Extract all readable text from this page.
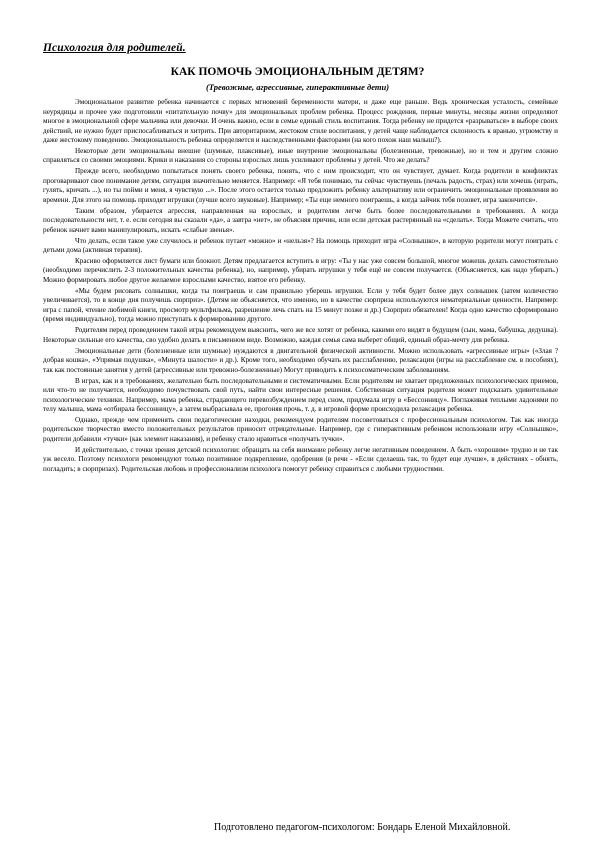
Психология для родителей.
КАК ПОМОЧЬ ЭМОЦИОНАЛЬНЫМ ДЕТЯМ?
(Тревожные, агрессивные, гиперактивные дети)

Эмоциональное развитие ребенка начинается с первых мгновений беременности матери, и даже еще раньше. Ведь хроническая усталость, семейные неурядицы и прочее уже подготовили «питательную почву» для эмоциональных проблем ребенка. Процесс рождения, первые минуты, месяцы жизни определяют многое в эмоциональной сфере мальчика или девочки. И очень важно, если в семье единый стиль воспитания. Тогда ребенку не придется «разрываться» в выборе своих действий, не нужно будет приспосабливаться и хитрить. При авторитарном, жестоком стиле воспитания, у детей чаще наблюдается склонность к вранью, угрюмству и даже жестокому поведению. Эмоциональность ребенка определяется и наследственными факторами (на кого похож наш малыш?).

Некоторые дети эмоциональны внешне (шумные, плаксивые), иные внутренне эмоциональны (болезненные, тревожные), но и тем и другим сложно справляться со своими эмоциями. Крики и наказания со стороны взрослых лишь усиливают проблемы у детей. Что же делать?

Прежде всего, необходимо попытаться понять своего ребенка, понять, что с ним происходит, что он чувствует, думает. Когда родители в конфликтах проговаривают свое понимание детям, ситуация значительно меняется. Например: «Я тебя понимаю, ты сейчас чувствуешь (печаль радость, страх) или хочешь (играть, гулять, кричать ...), но ты пойми и меня, я чувствую ...». После этого остается только предложить ребенку альтернативу или ограничить эмоциональные проявления во времени. Для этого на помощь приходят игрушки (лучше всего звуковые). Например; «Ты еще немного поиграешь, а когда зайчик тебя позовет, игра закончится».

Таким образом, убирается агрессия, направленная на взрослых, и родителям легче быть более последовательными в требованиях. А когда последовательности нет, т. е. если сегодня вы сказали «да», а завтра «нет», не объясняя причин, или если детская растерянный на «сделать». Тогда Можете считать, что ребенок начнет вами манипулировать, искать «слабые звенья».

Что делать, если такое уже случилось и ребенок путает «можно» и «нельзя»? На помощь приходит игра «Солнышко», в которую родители могут поиграть с детьми дома (активная терапия).

Красиво оформляется лист бумаги или блокнот. Детям предлагается вступить в игру: «Ты у нас уже совсем большой, многое можешь делать самостоятельно (необходимо перечислить 2-3 положительных качества ребенка), но, например, убирать игрушки у тебя ещё не совсем получается. (Объясняется, как надо убирать.) Можно формировать любое другое желаемое взрослыми качество, взятое его ребенку.

«Мы будем рисовать солнышки, когда ты поиграешь и сам правильно уберешь игрушки. Если у тебя будет более двух солнышек (затем количество увеличивается), то в конце дня получишь сюрприз». (Детям не объясняется, что именно, но в качестве сюрприза используются нематериальные ценности. Например: игра с папой, чтение любимой книги, просмотр мультфильма, разрешение лечь спать на 15 минут позже и др.) Сюрприз обязателен! Когда одно качество сформировано (время индивидуально), тогда можно приступать к формированию другого.

Родителям перед проведением такой игры рекомендуем выяснить, чего же все хотят от ребенка, какими его видят в будущем (сын, мама, бабушка, дедушка). Некоторые сильные его качества, сво удобно делать в письменном виде. Возможно, каждая семья сама выберет общий, единый образ-мечту для ребенка.

Эмоциональные дети (болезненные или шумные) нуждаются в двигательной физической активности. Можно использовать «агрессивные игры» («Злая ? добрая кошка», «Упрямая подушка», «Минута шалости» и др.). Кроме того, необходимо обучать их расслаблению, релаксации (игры на расслабление см. в пособиях), так как постоянные занятия у детей (агрессивные или тревожно-болезненные) Могут приводить к психосоматическим заболеваниям.

В играх, как и в требованиях, желательно быть последовательными и систематичными. Если родителям не хватает предложенных психологических приемов, или что-то не получается, необходимо почувствовать свой путь, найти свои интересные решения. Собственная ситуация родителя может подсказать удивительные психологические техники. Например, мама ребенка, страдающего перевозбуждением перед сном, придумала игру в «Бессонницу». Поглаживая теплыми ладонями по телу малыша, мама «отбирала бессонницу», а затем выбрасывала ее, прогоняя прочь, т. д. в игровой форме происходила релаксация ребенка.

Однако, прежде чем применять свои педагогические находки, рекомендуем родителям посоветоваться с профессиональным психологом. Так как иногда родительское творчество вместо положительных результатов приносит отрицательные. Например, где с гиперактивным ребенком использовали игру «Солнышко», родители добавили «тучки» (как элемент наказания), и ребенку стало нравиться «получать тучки».

И действительно, с точки зрения детской психологии: обращать на себя внимание ребенку легче негативным поведением. А быть «хорошим» трудно и не так уж весело. Поэтому психологи рекомендуют только позитивное подкрепление, одобрения (в речи - «Если сделаешь так, то будет еще лучше», в действиях - обнять, погладить; в сюрпризах). Родительская любовь и профессионализм психолога помогут ребенку справиться с любыми трудностями.

Подготовлено педагогом-психологом: Бондарь Еленой Михайловной.
